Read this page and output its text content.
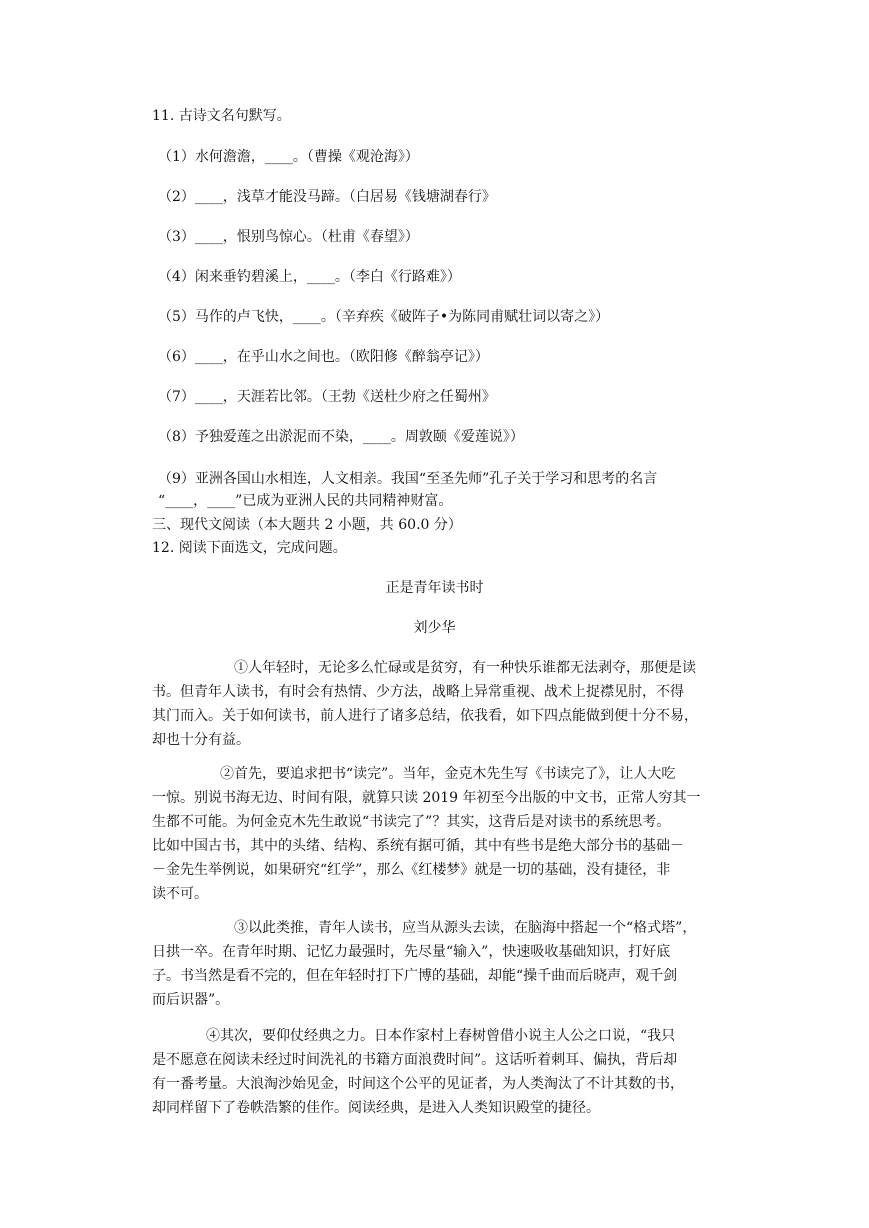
11. 古诗文名句默写。
（1）水何澹澹，____。（曹操《观沧海》）
（2）____，浅草才能没马蹄。（白居易《钱塘湖春行》
（3）____，恨别鸟惊心。（杜甫《春望》）
（4）闲来垂钓碧溪上，____。（李白《行路难》）
（5）马作的卢飞快，____。（辛弃疾《破阵子•为陈同甫赋壮词以寄之》）
（6）____，在乎山水之间也。（欧阳修《醉翁亭记》）
（7）____，天涯若比邻。（王勃《送杜少府之任蜀州》
（8）予独爱莲之出淤泥而不染，____。周敦颐《爱莲说》）
（9）亚洲各国山水相连，人文相亲。我国“至圣先师”孔子关于学习和思考的名言
“____，____”已成为亚洲人民的共同精神财富。
三、现代文阅读（本大题共 2 小题，共 60.0 分）
12. 阅读下面选文，完成问题。
正是青年读书时
刘少华
①人年轻时，无论多么忙碌或是贫穷，有一种快乐谁都无法剥夺，那便是读
书。但青年人读书，有时会有热情、少方法，战略上异常重视、战术上捉襟见肘，不得
其门而入。关于如何读书，前人进行了诸多总结，依我看，如下四点能做到便十分不易，
却也十分有益。
②首先，要追求把书“读完”。当年，金克木先生写《书读完了》，让人大吃
一惊。别说书海无边、时间有限，就算只读 2019 年初至今出版的中文书，正常人穷其一
生都不可能。为何金克木先生敢说“书读完了”？其实，这背后是对读书的系统思考。
比如中国古书，其中的头绪、结构、系统有据可循，其中有些书是绝大部分书的基础－
－金先生举例说，如果研究“红学”，那么《红楼梦》就是一切的基础，没有捷径，非
读不可。
③以此类推，青年人读书，应当从源头去读，在脑海中搭起一个“格式塔”，
日拱一卒。在青年时期、记忆力最强时，先尽量“输入”，快速吸收基础知识，打好底
子。书当然是看不完的，但在年轻时打下广博的基础，却能“操千曲而后晓声，观千剑
而后识器”。
④其次，要仰仗经典之力。日本作家村上春树曾借小说主人公之口说，“我只
是不愿意在阅读未经过时间洗礼的书籍方面浪费时间”。这话听着刺耳、偏执，背后却
有一番考量。大浪淘沙始见金，时间这个公平的见证者，为人类淘汰了不计其数的书，
却同样留下了卷帙浩繁的佳作。阅读经典，是进入人类知识殿堂的捷径。
